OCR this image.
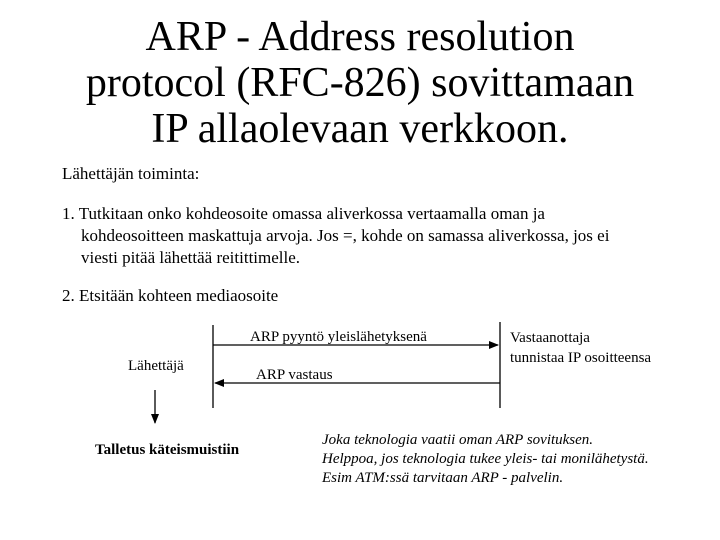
ARP - Address resolution
protocol (RFC-826) sovittamaan
IP allaolevaan verkkoon.
Lähettäjän toiminta:
1. Tutkitaan onko kohdeosoite omassa aliverkossa vertaamalla oman ja
kohdeosoitteen maskattuja arvoja. Jos =, kohde on samassa aliverkossa, jos ei
viesti pitää lähettää reitittimelle.
2. Etsitään kohteen mediaosoite
ARP pyyntö yleislähetyksenä
ARP vastaus
Lähettäjä
Vastaanottaja
tunnistaa IP osoitteensa
Talletus käteismuistiin
Joka teknologia vaatii oman ARP sovituksen.
Helppoa, jos teknologia tukee yleis- tai monilähetystä.
Esim ATM:ssä tarvitaan ARP - palvelin.
